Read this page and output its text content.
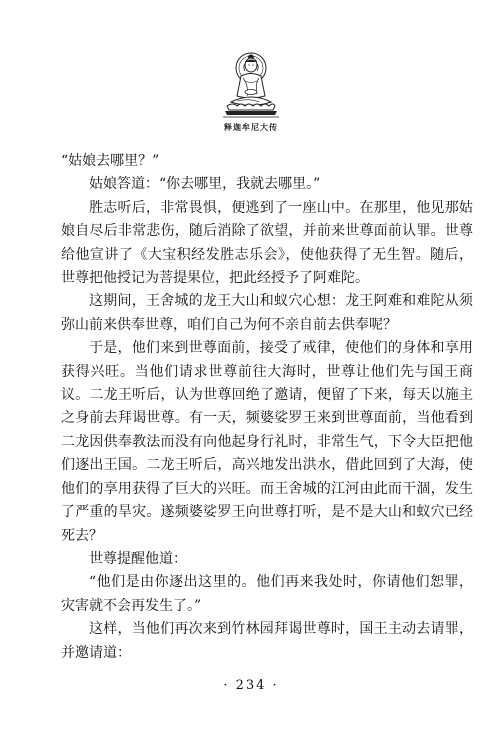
释迦牟尼大传

“姑娘去哪里？”

姑娘答道：“你去哪里，我就去哪里。”

胜志听后，非常畏惧，便逃到了一座山中。在那里，他见那姑娘自尽后非常悲伤，随后消除了欲望，并前来世尊面前认罪。世尊给他宣讲了《大宝积经发胜志乐会》，使他获得了无生智。随后，世尊把他授记为菩提果位，把此经授予了阿难陀。

这期间，王舍城的龙王大山和蚁穴心想：龙王阿难和难陀从须弥山前来供奉世尊，咱们自己为何不亲自前去供奉呢？

于是，他们来到世尊面前，接受了戒律，使他们的身体和享用获得兴旺。当他们请求世尊前往大海时，世尊让他们先与国王商议。二龙王听后，认为世尊回绝了邀请，便留了下来，每天以施主之身前去拜谒世尊。有一天，频婆娑罗王来到世尊面前，当他看到二龙因供奉教法而没有向他起身行礼时，非常生气，下令大臣把他们逐出王国。二龙王听后，高兴地发出洪水，借此回到了大海，使他们的享用获得了巨大的兴旺。而王舍城的江河由此而干涸，发生了严重的旱灾。遂频婆娑罗王向世尊打听，是不是大山和蚁穴已经死去？

世尊提醒他道：

“他们是由你逐出这里的。他们再来我处时，你请他们恕罪，灾害就不会再发生了。”

这样，当他们再次来到竹林园拜谒世尊时，国王主动去请罪，并邀请道：

· 234 ·
